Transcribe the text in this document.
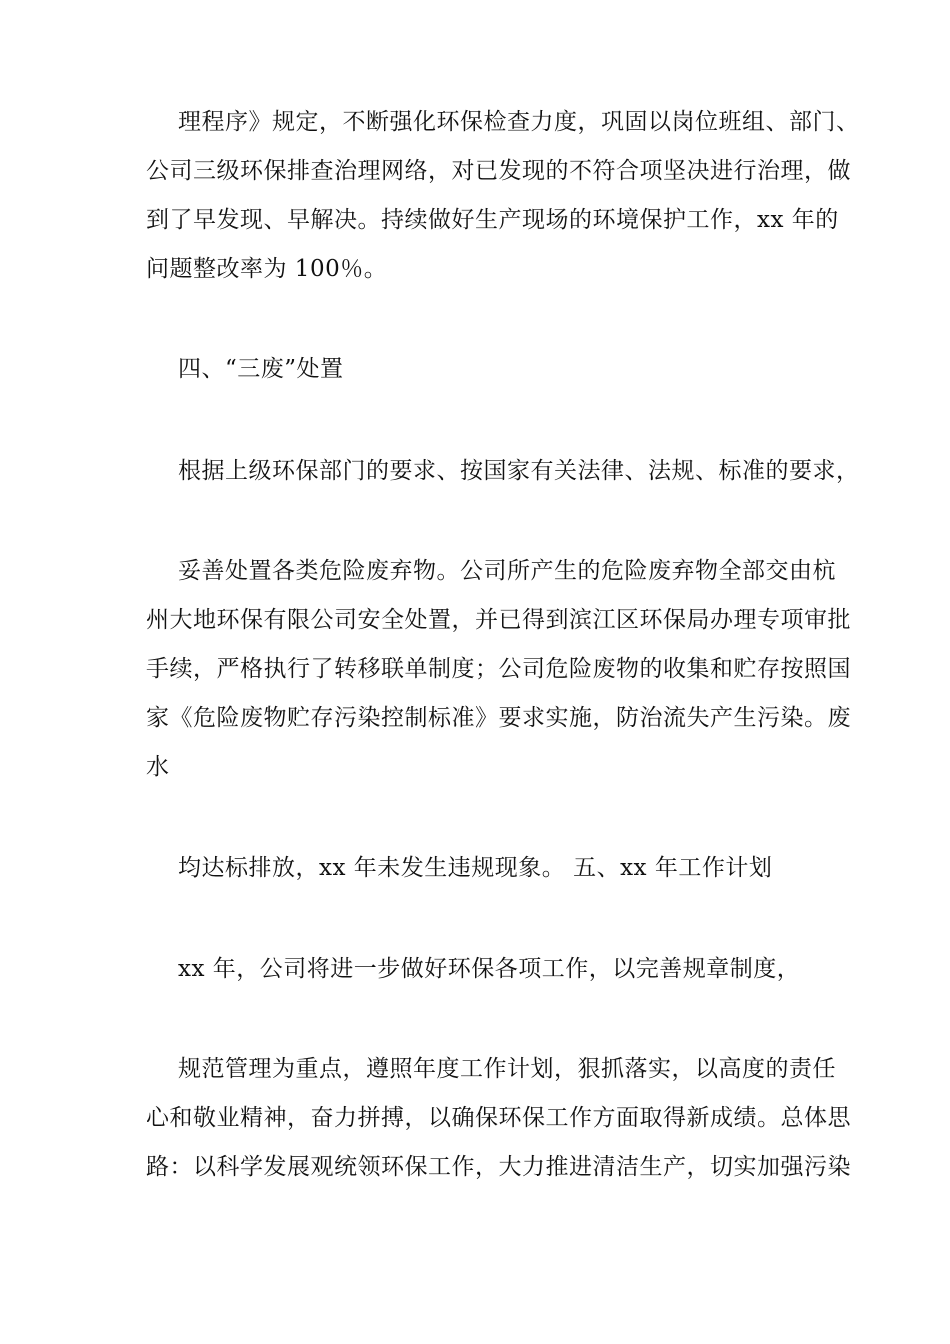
理程序》规定，不断强化环保检查力度，巩固以岗位班组、部门、
公司三级环保排查治理网络，对已发现的不符合项坚决进行治理，做
到了早发现、早解决。持续做好生产现场的环境保护工作，xx 年的
问题整改率为 100％。
四、“三废”处置
根据上级环保部门的要求、按国家有关法律、法规、标准的要求，
妥善处置各类危险废弃物。公司所产生的危险废弃物全部交由杭
州大地环保有限公司安全处置，并已得到滨江区环保局办理专项审批
手续，严格执行了转移联单制度；公司危险废物的收集和贮存按照国
家《危险废物贮存污染控制标准》要求实施，防治流失产生污染。废
水
均达标排放，xx 年未发生违规现象。 五、xx 年工作计划
xx 年，公司将进一步做好环保各项工作，以完善规章制度，
规范管理为重点，遵照年度工作计划，狠抓落实，以高度的责任
心和敬业精神，奋力拼搏，以确保环保工作方面取得新成绩。总体思
路：以科学发展观统领环保工作，大力推进清洁生产，切实加强污染
